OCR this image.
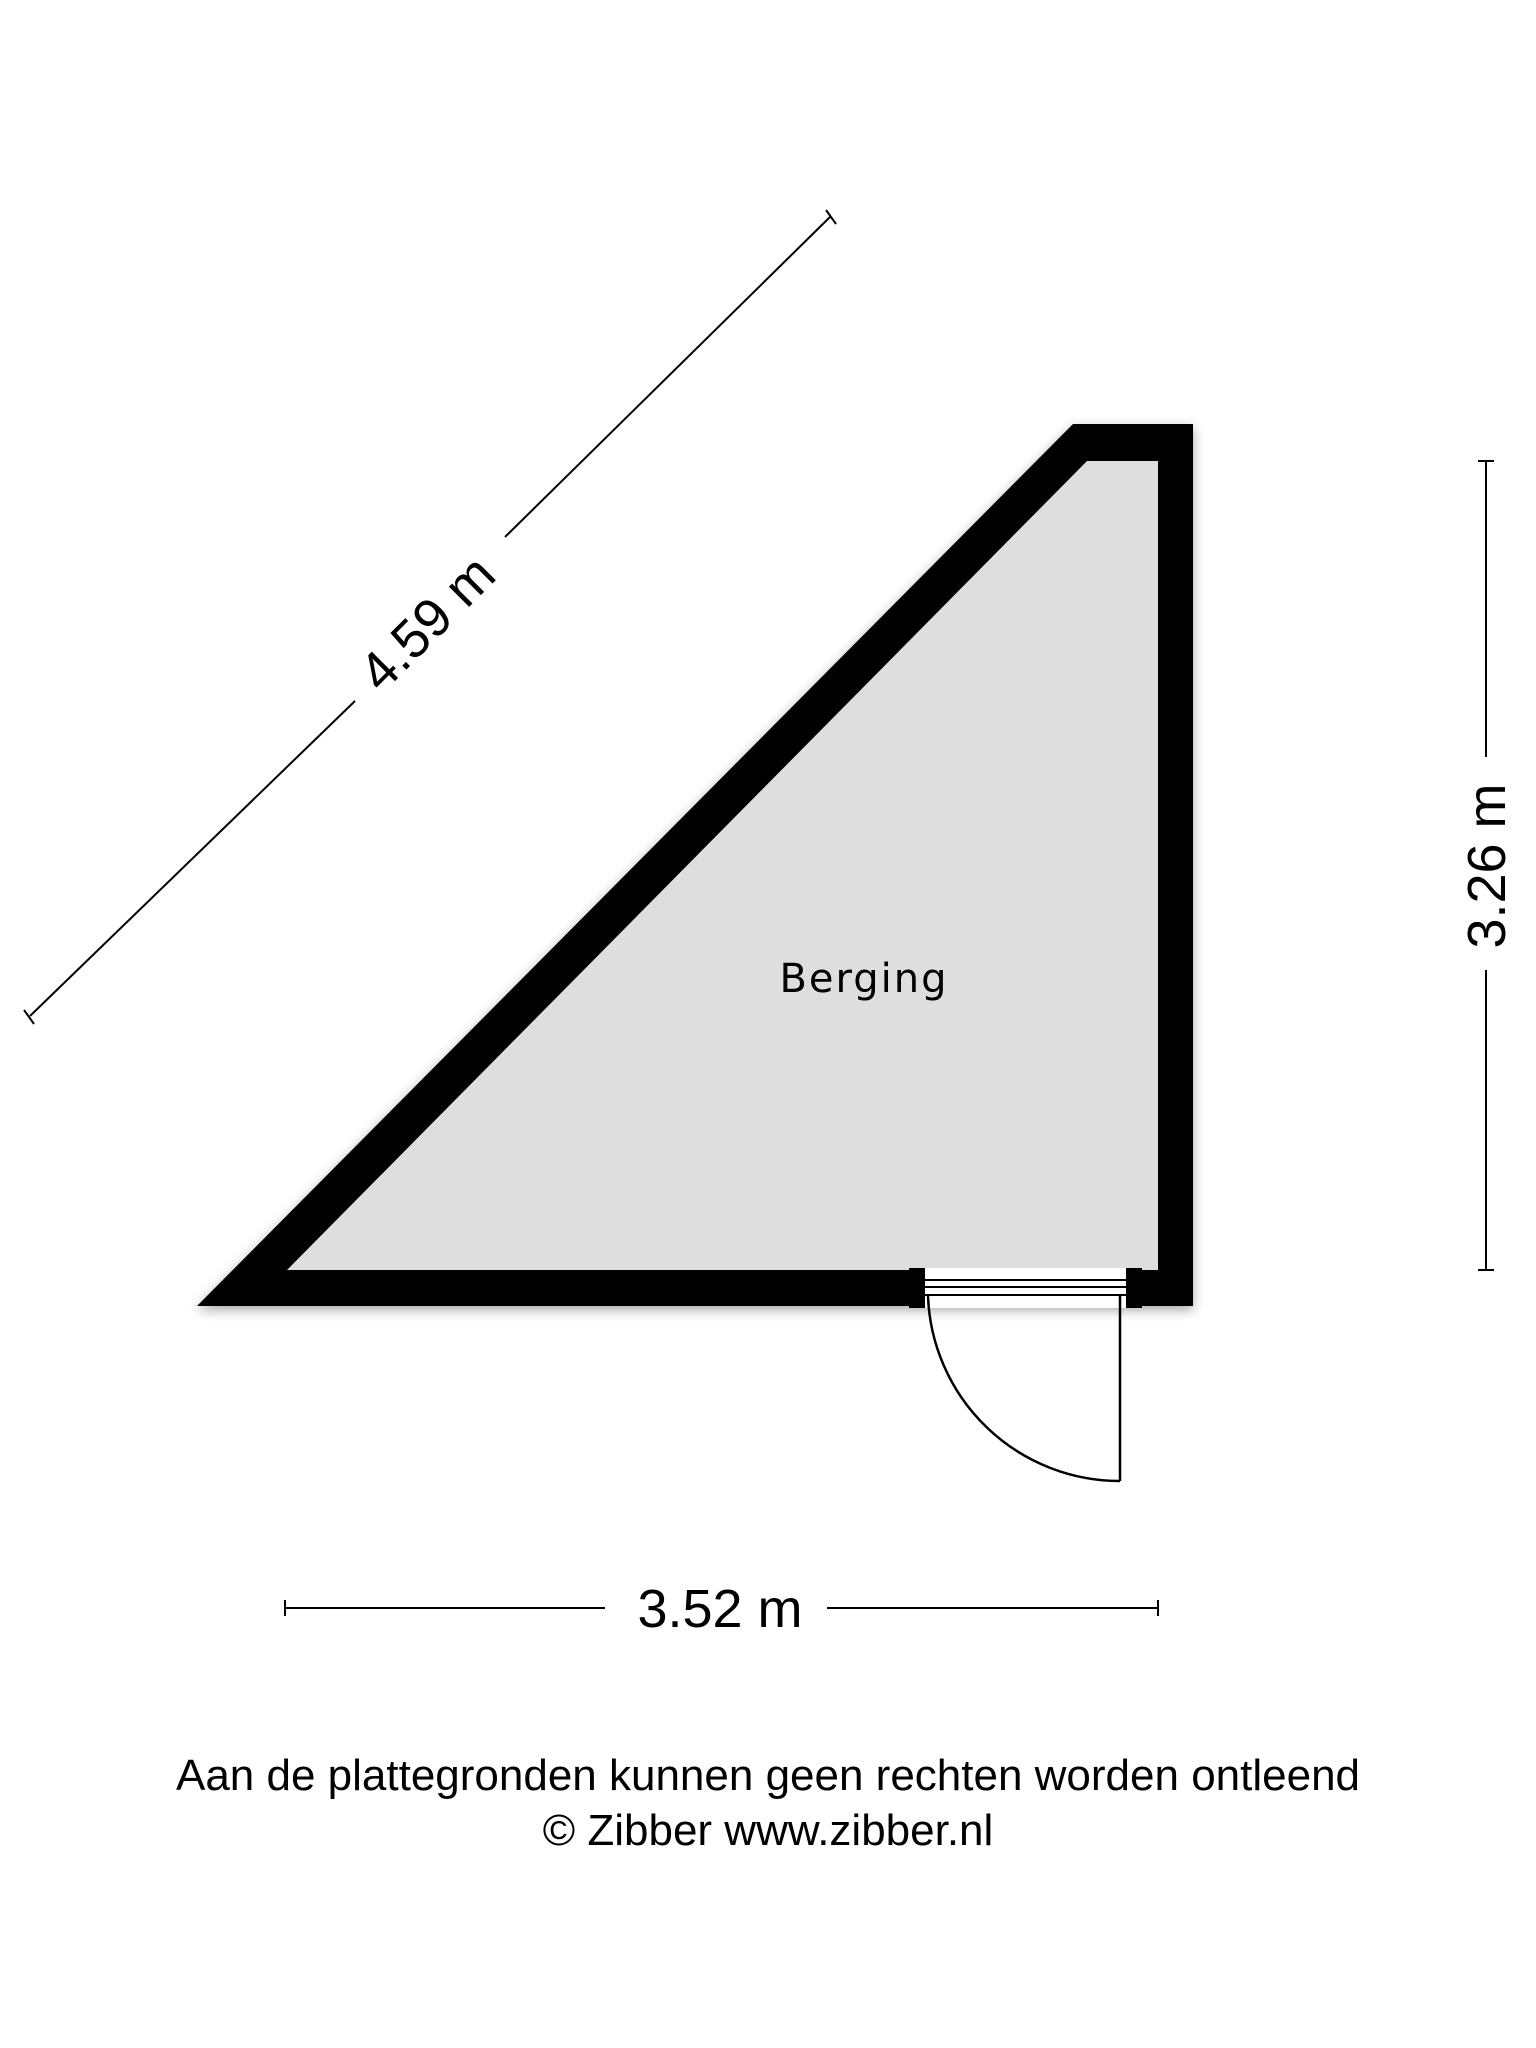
Berging
4.59 m
3.26 m
3.52 m
Aan de plattegronden kunnen geen rechten worden ontleend
© Zibber www.zibber.nl
